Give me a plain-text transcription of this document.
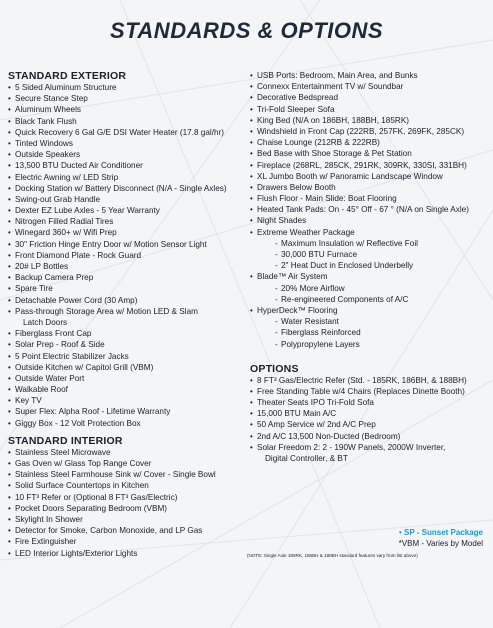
STANDARDS & OPTIONS
STANDARD EXTERIOR
• 5 Sided Aluminum Structure
• Secure Stance Step
• Aluminum Wheels
• Black Tank Flush
• Quick Recovery 6 Gal G/E DSI Water Heater (17.8 gal/hr)
• Tinted Windows
• Outside Speakers
• 13,500 BTU Ducted Air Conditioner
• Electric Awning w/ LED Strip
• Docking Station w/ Battery Disconnect (N/A - Single Axles)
• Swing-out Grab Handle
• Dexter EZ Lube Axles - 5 Year Warranty
• Nitrogen Filled Radial Tires
• Winegard 360+ w/ Wifi Prep
• 30" Friction Hinge Entry Door w/ Motion Sensor Light
• Front Diamond Plate - Rock Guard
• 20# LP Bottles
• Backup Camera Prep
• Spare Tire
• Detachable Power Cord (30 Amp)
• Pass-through Storage Area w/ Motion LED & Slam
Latch Doors
• Fiberglass Front Cap
• Solar Prep - Roof & Side
• 5 Point Electric Stabilizer Jacks
• Outside Kitchen w/ Capitol Grill (VBM)
• Outside Water Port
• Walkable Roof
• Key TV
• Super Flex: Alpha Roof - Lifetime Warranty
• Giggy Box - 12 Volt Protection Box
STANDARD INTERIOR
• Stainless Steel Microwave
• Gas Oven w/ Glass Top Range Cover
• Stainless Steel Farmhouse Sink w/ Cover - Single Bowl
• Solid Surface Countertops in Kitchen
• 10 FT³ Refer or (Optional 8 FT³ Gas/Electric)
• Pocket Doors Separating Bedroom (VBM)
• Skylight In Shower
• Detector for Smoke, Carbon Monoxide, and LP Gas
• Fire Extinguisher
• LED Interior Lights/Exterior Lights
• USB Ports: Bedroom, Main Area, and Bunks
• Connexx Entertainment TV w/ Soundbar
• Decorative Bedspread
• Tri-Fold Sleeper Sofa
• King Bed (N/A on 186BH, 188BH, 185RK)
• Windshield in Front Cap (222RB, 257FK, 269FK, 285CK)
• Chaise Lounge (212RB & 222RB)
• Bed Base with Shoe Storage & Pet Station
• Fireplace (268RL, 285CK, 291RK, 309RK, 330SI, 331BH)
• XL Jumbo Booth w/ Panoramic Landscape Window
• Drawers Below Booth
• Flush Floor - Main Slide: Boat Flooring
• Heated Tank Pads: On - 45° Off - 67 ° (N/A on Single Axle)
• Night Shades
• Extreme Weather Package
- Maximum Insulation w/ Reflective Foil
- 30,000 BTU Furnace
- 2" Heat Duct in Enclosed Underbelly
• Blade™ Air System
- 20% More Airflow
- Re-engineered Components of A/C
• HyperDeck™ Flooring
- Water Resistant
- Fiberglass Reinforced
- Polypropylene Layers
OPTIONS
• 8 FT³ Gas/Electric Refer (Std. - 185RK, 186BH, & 188BH)
• Free Standing Table w/4 Chairs (Replaces Dinette Booth)
• Theater Seats IPO Tri-Fold Sofa
• 15,000 BTU Main A/C
• 50 Amp Service w/ 2nd A/C Prep
• 2nd A/C 13,500 Non-Ducted (Bedroom)
• Solar Freedom 2: 2 - 190W Panels, 2000W Inverter,
Digital Controller, & BT
• SP - Sunset Package
*VBM - Varies by Model
(NOTE: Single Axle 185RK, 186BH & 188BH standard features vary from list above)
